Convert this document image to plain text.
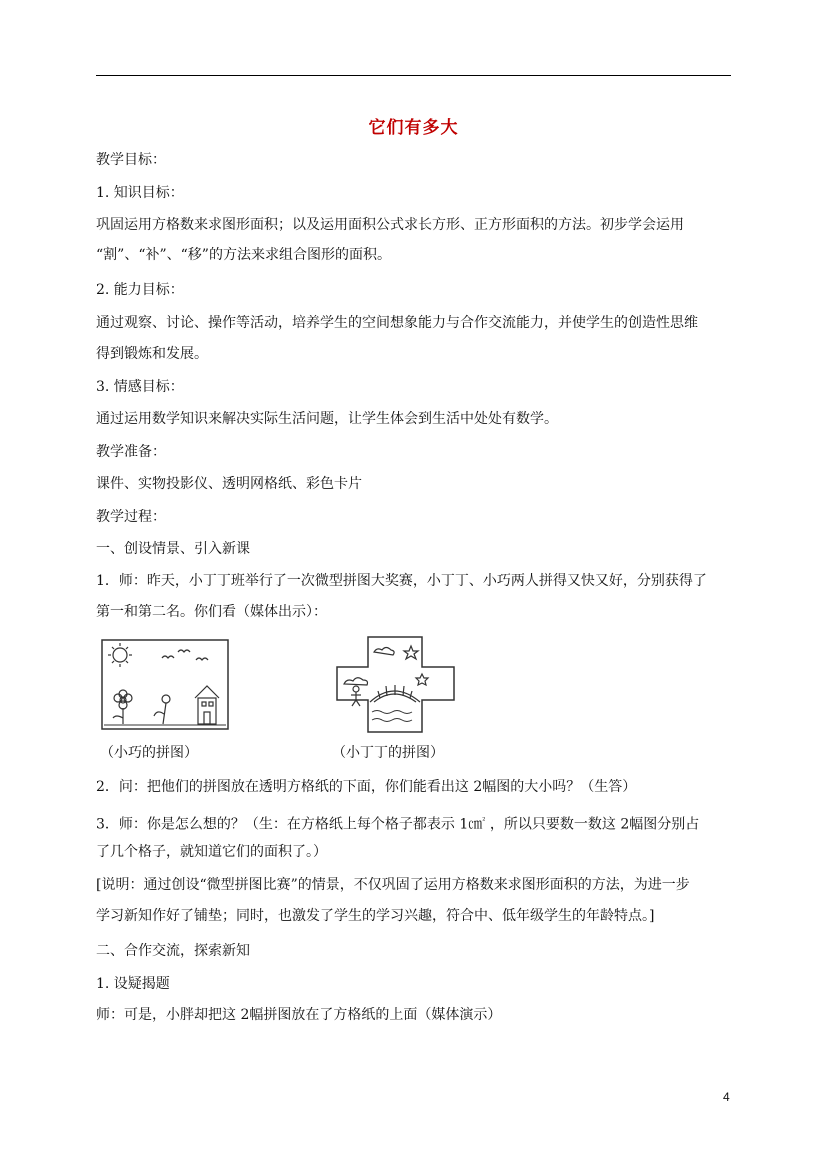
它们有多大
教学目标：
1. 知识目标：
巩固运用方格数来求图形面积；以及运用面积公式求长方形、正方形面积的方法。初步学会运用
“割”、“补”、“移”的方法来求组合图形的面积。
2. 能力目标：
通过观察、讨论、操作等活动，培养学生的空间想象能力与合作交流能力，并使学生的创造性思维
得到锻炼和发展。
3. 情感目标：
通过运用数学知识来解决实际生活问题，让学生体会到生活中处处有数学。
教学准备：
课件、实物投影仪、透明网格纸、彩色卡片
教学过程：
一、创设情景、引入新课
1．师：昨天，小丁丁班举行了一次微型拼图大奖赛，小丁丁、小巧两人拼得又快又好，分别获得了
第一和第二名。你们看（媒体出示）：
（小巧的拼图）	（小丁丁的拼图）
2．问：把他们的拼图放在透明方格纸的下面，你们能看出这 2幅图的大小吗？（生答）
3．师：你是怎么想的？（生：在方格纸上每个格子都表示 1㎝$^{^2}$ ，所以只要数一数这 2幅图分别占
了几个格子，就知道它们的面积了。）
[说明：通过创设“微型拼图比赛”的情景，不仅巩固了运用方格数来求图形面积的方法，为进一步
学习新知作好了铺垫；同时，也激发了学生的学习兴趣，符合中、低年级学生的年龄特点。]
二、合作交流，探索新知
1. 设疑揭题
师：可是，小胖却把这 2幅拼图放在了方格纸的上面（媒体演示）
4
